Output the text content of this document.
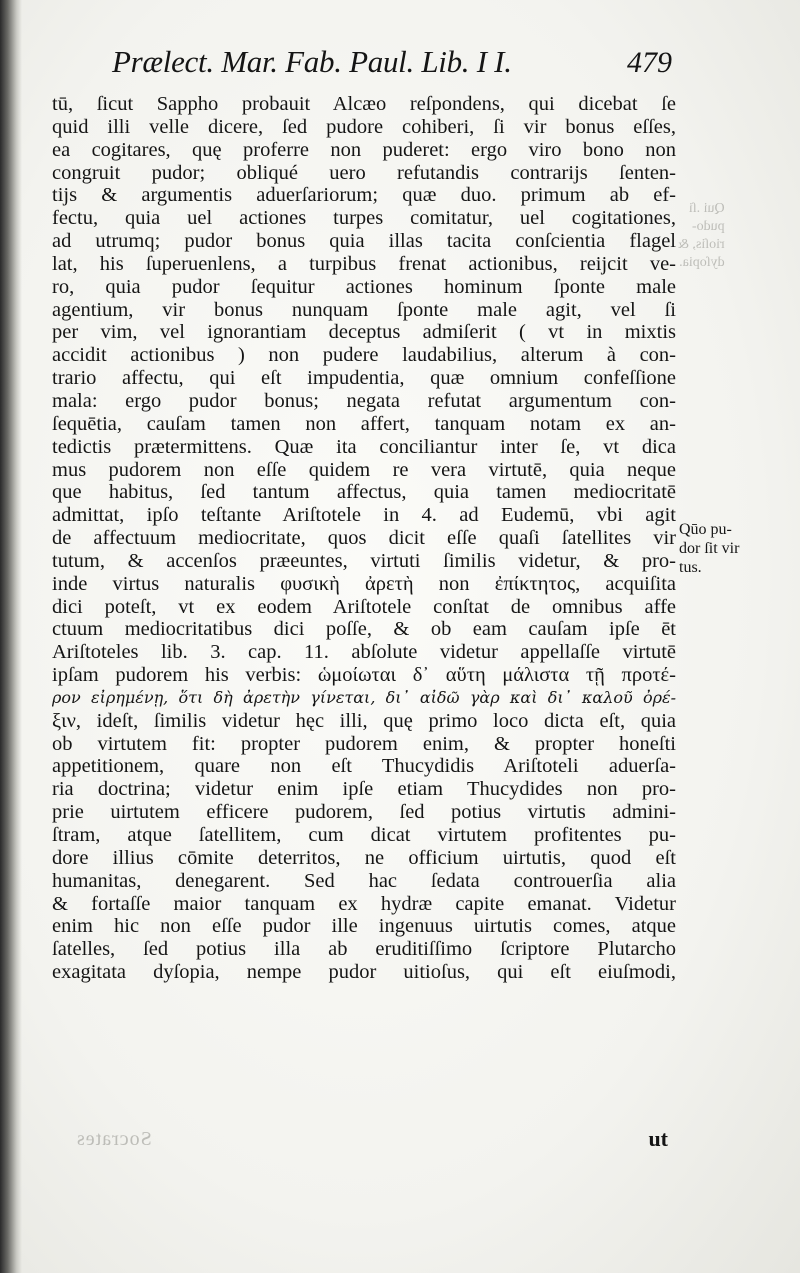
Prælect. Mar. Fab. Paul. Lib. I I.	479
Qui .ſi
pudo-
rioſis, &
dyſopia.
tū, ſicut Sappho probauit Alcæo reſpondens, qui dicebat ſe
quid illi velle dicere, ſed pudore cohiberi, ſi vir bonus eſſes,
ea cogitares, quę proferre non puderet: ergo viro bono non
congruit pudor; obliqué uero refutandis contrarijs ſenten-
tijs & argumentis aduerſariorum; quæ duo. primum ab ef-
fectu, quia uel actiones turpes comitatur, uel cogitationes,
ad utrumq; pudor bonus quia illas tacita conſcientia flagel
lat, his ſuperuenlens, a turpibus frenat actionibus, reijcit ve-
ro, quia pudor ſequitur actiones hominum ſponte male
agentium, vir bonus nunquam ſponte male agit, vel ſi
per vim, vel ignorantiam deceptus admiſerit ( vt in mixtis
accidit actionibus ) non pudere laudabilius, alterum à con-
trario affectu, qui eſt impudentia, quæ omnium confeſſione
mala: ergo pudor bonus; negata refutat argumentum con-
ſequētia, cauſam tamen non affert, tanquam notam ex an-
tedictis prætermittens. Quæ ita conciliantur inter ſe, vt dica
mus pudorem non eſſe quidem re vera virtutē, quia neque
que habitus, ſed tantum affectus, quia tamen mediocritatē
admittat, ipſo teſtante Ariſtotele in 4. ad Eudemū, vbi agit
de affectuum mediocritate, quos dicit eſſe quaſi ſatellites vir
tutum, & accenſos præeuntes, virtuti ſimilis videtur, & pro-
inde virtus naturalis φυσικὴ ἀρετὴ non ἐπίκτητος, acquiſita
dici poteſt, vt ex eodem Ariſtotele conſtat de omnibus affe
ctuum mediocritatibus dici poſſe, & ob eam cauſam ipſe ēt
Ariſtoteles lib. 3. cap. 11. abſolute videtur appellaſſe virtutē
ipſam pudorem his verbis: ὡμοίωται δ᾽ αὕτη μάλιστα τῇ προτέ-
ρον εἰρημένῃ, ὅτι δὴ ἀρετὴν γίνεται, δι᾽ αἰδῶ γὰρ καὶ δι᾽ καλοῦ ὀρέ-
ξιν, ideſt, ſimilis videtur hęc illi, quę primo loco dicta eſt, quia
ob virtutem fit: propter pudorem enim, & propter honeſti
appetitionem, quare non eſt Thucydidis Ariſtoteli aduerſa-
ria doctrina; videtur enim ipſe etiam Thucydides non pro-
prie uirtutem efficere pudorem, ſed potius virtutis admini-
ſtram, atque ſatellitem, cum dicat virtutem profitentes pu-
dore illius cōmite deterritos, ne officium uirtutis, quod eſt
humanitas, denegarent. Sed hac ſedata controuerſia alia
& fortaſſe maior tanquam ex hydræ capite emanat. Videtur
enim hic non eſſe pudor ille ingenuus uirtutis comes, atque
ſatelles, ſed potius illa ab eruditiſſimo ſcriptore Plutarcho
exagitata dyſopia, nempe pudor uitioſus, qui eſt eiuſmodi,
Qūo pu-
dor ſit vir
tus.
Socrates	ut
